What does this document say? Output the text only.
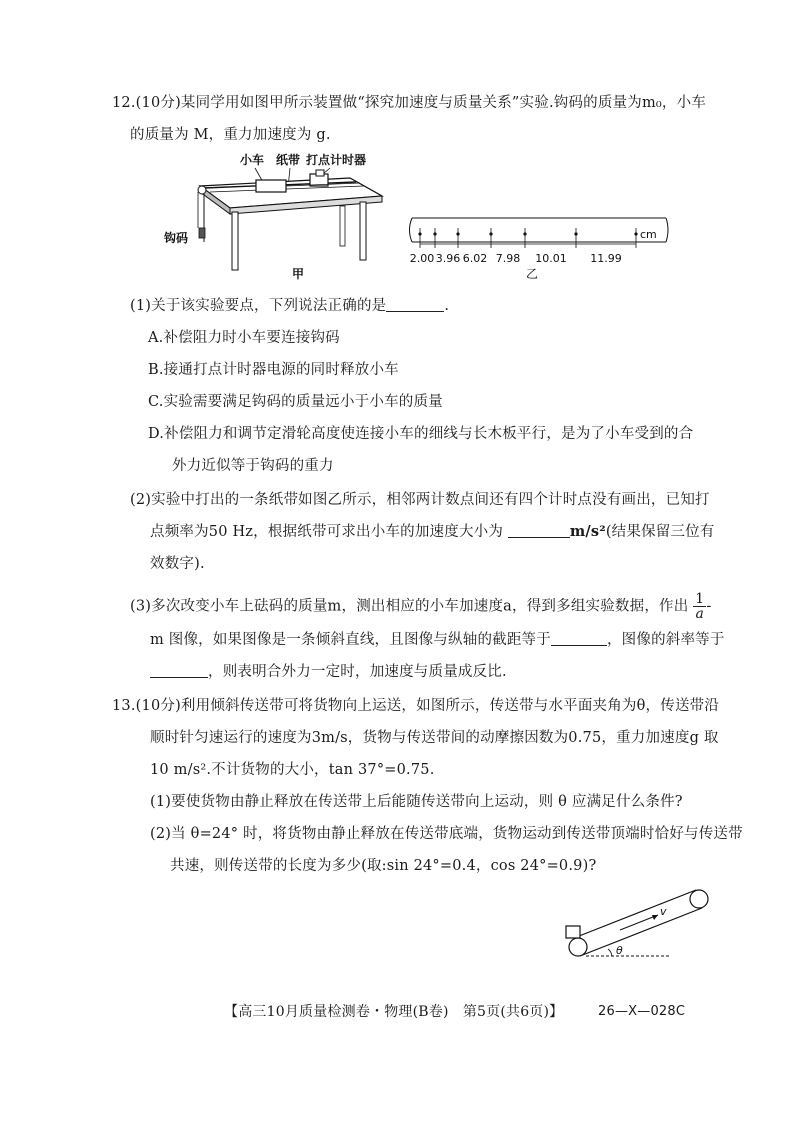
12.(10分)某同学用如图甲所示装置做“探究加速度与质量关系”实验.钩码的质量为m₀，小车
的质量为 M，重力加速度为 g.
小车 纸带 打点计时器
钩码
甲
cm
2.00 3.96 6.02 7.98 10.01 11.99
乙
(1)关于该实验要点，下列说法正确的是	.
A.补偿阻力时小车要连接钩码
B.接通打点计时器电源的同时释放小车
C.实验需要满足钩码的质量远小于小车的质量
D.补偿阻力和调节定滑轮高度使连接小车的细线与长木板平行，是为了小车受到的合
外力近似等于钩码的重力
(2)实验中打出的一条纸带如图乙所示，相邻两计数点间还有四个计时点没有画出，已知打
点频率为50 Hz，根据纸带可求出小车的加速度大小为	m/s²(结果保留三位有
效数字).
(3)多次改变小车上砝码的质量m，测出相应的小车加速度a，得到多组实验数据，作出 $\frac{1}{a}$ -
m 图像，如果图像是一条倾斜直线，且图像与纵轴的截距等于	，图像的斜率等于
，则表明合外力一定时，加速度与质量成反比.
13.(10分)利用倾斜传送带可将货物向上运送，如图所示，传送带与水平面夹角为θ，传送带沿
顺时针匀速运行的速度为3m/s，货物与传送带间的动摩擦因数为0.75，重力加速度g 取
10 m/s².不计货物的大小，tan 37°=0.75.
(1)要使货物由静止释放在传送带上后能随传送带向上运动，则 θ 应满足什么条件?
(2)当 θ=24° 时，将货物由静止释放在传送带底端，货物运动到传送带顶端时恰好与传送带
共速，则传送带的长度为多少(取:sin 24°=0.4，cos 24°=0.9)?
v
θ
【高三10月质量检测卷・物理(B卷)　第5页(共6页)】	26—X—028C
